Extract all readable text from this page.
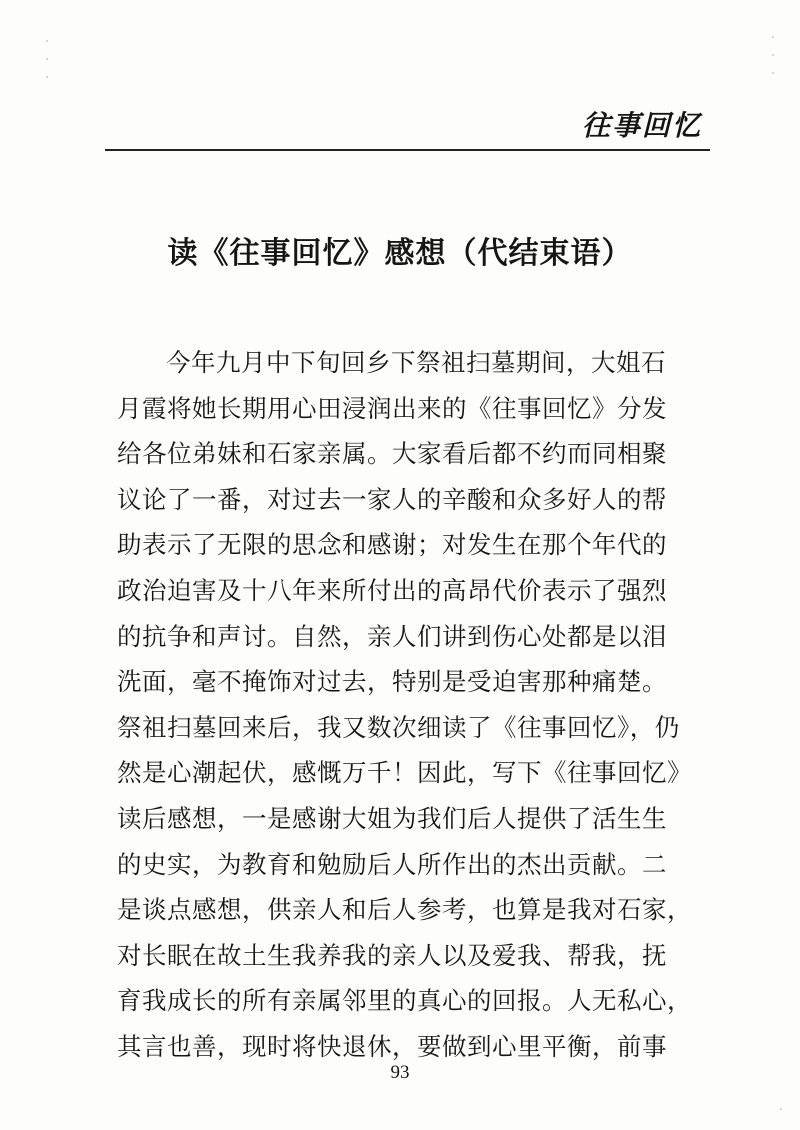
往事回忆
读《往事回忆》感想（代结束语）
今年九月中下旬回乡下祭祖扫墓期间，大姐石
月霞将她长期用心田浸润出来的《往事回忆》分发
给各位弟妹和石家亲属。大家看后都不约而同相聚
议论了一番，对过去一家人的辛酸和众多好人的帮
助表示了无限的思念和感谢；对发生在那个年代的
政治迫害及十八年来所付出的高昂代价表示了强烈
的抗争和声讨。自然，亲人们讲到伤心处都是以泪
洗面，毫不掩饰对过去，特别是受迫害那种痛楚。
祭祖扫墓回来后，我又数次细读了《往事回忆》，仍
然是心潮起伏，感慨万千！因此，写下《往事回忆》
读后感想，一是感谢大姐为我们后人提供了活生生
的史实，为教育和勉励后人所作出的杰出贡献。二
是谈点感想，供亲人和后人参考，也算是我对石家，
对长眠在故土生我养我的亲人以及爱我、帮我，抚
育我成长的所有亲属邻里的真心的回报。人无私心，
其言也善，现时将快退休，要做到心里平衡，前事
93
